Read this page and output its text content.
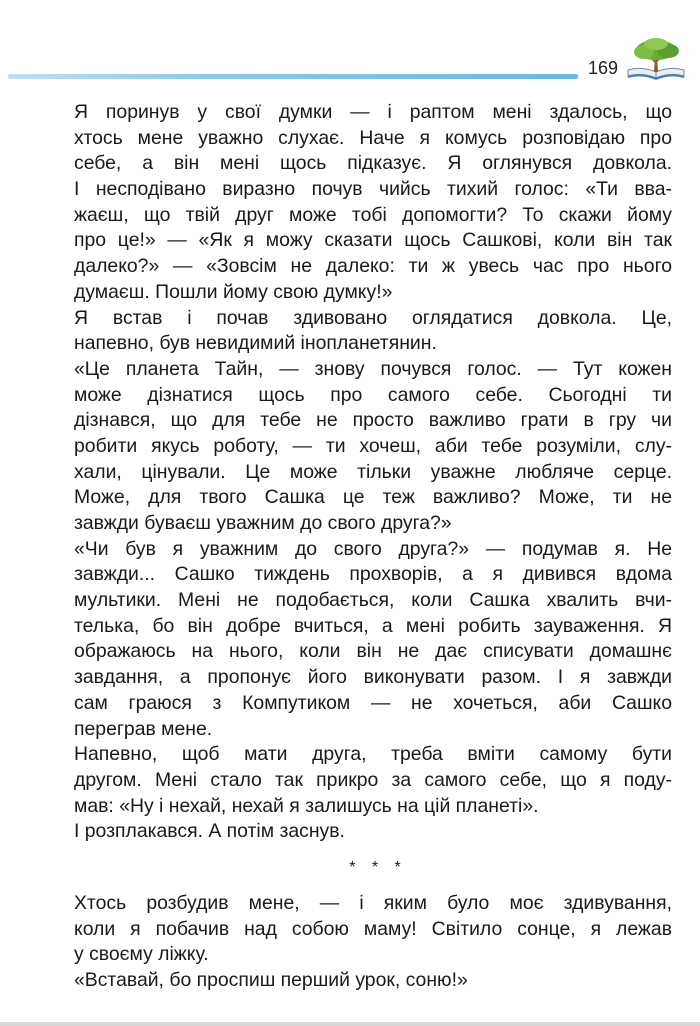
169
Я поринув у свої думки — і раптом мені здалось, що
хтось мене уважно слухає. Наче я комусь розповідаю про
себе, а він мені щось підказує. Я оглянувся довкола.
І несподівано виразно почув чийсь тихий голос: «Ти вва-
жаєш, що твій друг може тобі допомогти? То скажи йому
про це!» — «Як я можу сказати щось Сашкові, коли він так
далеко?» — «Зовсім не далеко: ти ж увесь час про нього
думаєш. Пошли йому свою думку!»
Я встав і почав здивовано оглядатися довкола. Це,
напевно, був невидимий інопланетянин.
«Це планета Тайн, — знову почувся голос. — Тут кожен
може дізнатися щось про самого себе. Сьогодні ти
дізнався, що для тебе не просто важливо грати в гру чи
робити якусь роботу, — ти хочеш, аби тебе розуміли, слу-
хали, цінували. Це може тільки уважне любляче серце.
Може, для твого Сашка це теж важливо? Може, ти не
завжди буваєш уважним до свого друга?»
«Чи був я уважним до свого друга?» — подумав я. Не
завжди... Сашко тиждень прохворів, а я дивився вдома
мультики. Мені не подобається, коли Сашка хвалить вчи-
телька, бо він добре вчиться, а мені робить зауваження. Я
ображаюсь на нього, коли він не дає списувати домашнє
завдання, а пропонує його виконувати разом. І я завжди
сам граюся з Компутиком — не хочеться, аби Сашко
переграв мене.
Напевно, щоб мати друга, треба вміти самому бути
другом. Мені стало так прикро за самого себе, що я поду-
мав: «Ну і нехай, нехай я залишусь на цій планеті».
І розплакався. А потім заснув.
* * *
Хтось розбудив мене, — і яким було моє здивування,
коли я побачив над собою маму! Світило сонце, я лежав
у своєму ліжку.
«Вставай, бо проспиш перший урок, соню!»
